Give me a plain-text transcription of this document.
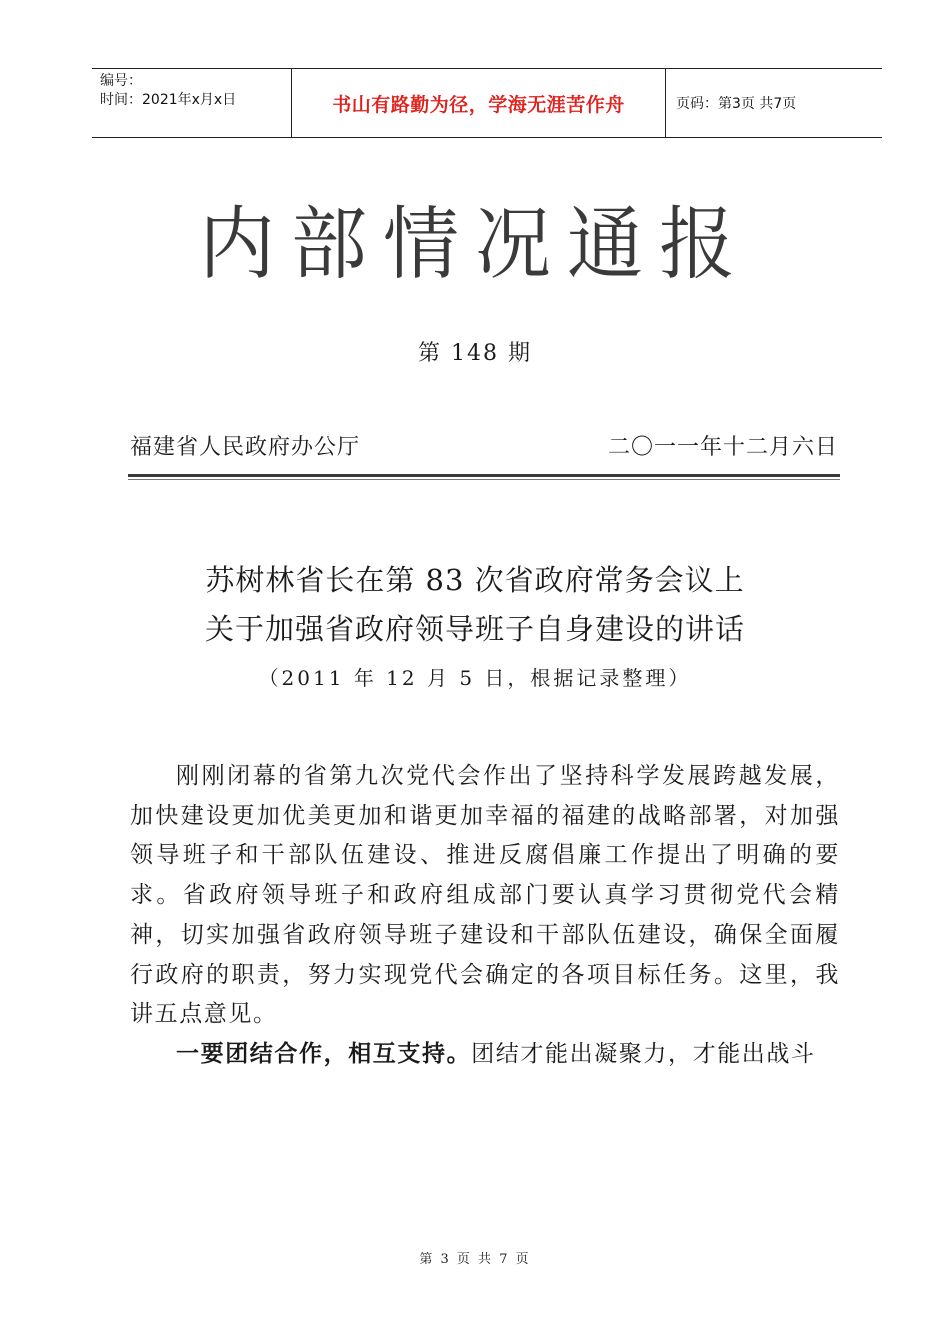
编号：
时间：2021年x月x日	书山有路勤为径，学海无涯苦作舟	页码：第3页 共7页
内部情况通报
第 148 期
福建省人民政府办公厅	二〇一一年十二月六日
苏树林省长在第 83 次省政府常务会议上
关于加强省政府领导班子自身建设的讲话
（2011 年 12 月 5 日，根据记录整理）

刚刚闭幕的省第九次党代会作出了坚持科学发展跨越发展，加快建设更加优美更加和谐更加幸福的福建的战略部署，对加强领导班子和干部队伍建设、推进反腐倡廉工作提出了明确的要求。省政府领导班子和政府组成部门要认真学习贯彻党代会精神，切实加强省政府领导班子建设和干部队伍建设，确保全面履行政府的职责，努力实现党代会确定的各项目标任务。这里，我讲五点意见。

一要团结合作，相互支持。团结才能出凝聚力，才能出战斗

第 3 页 共 7 页
